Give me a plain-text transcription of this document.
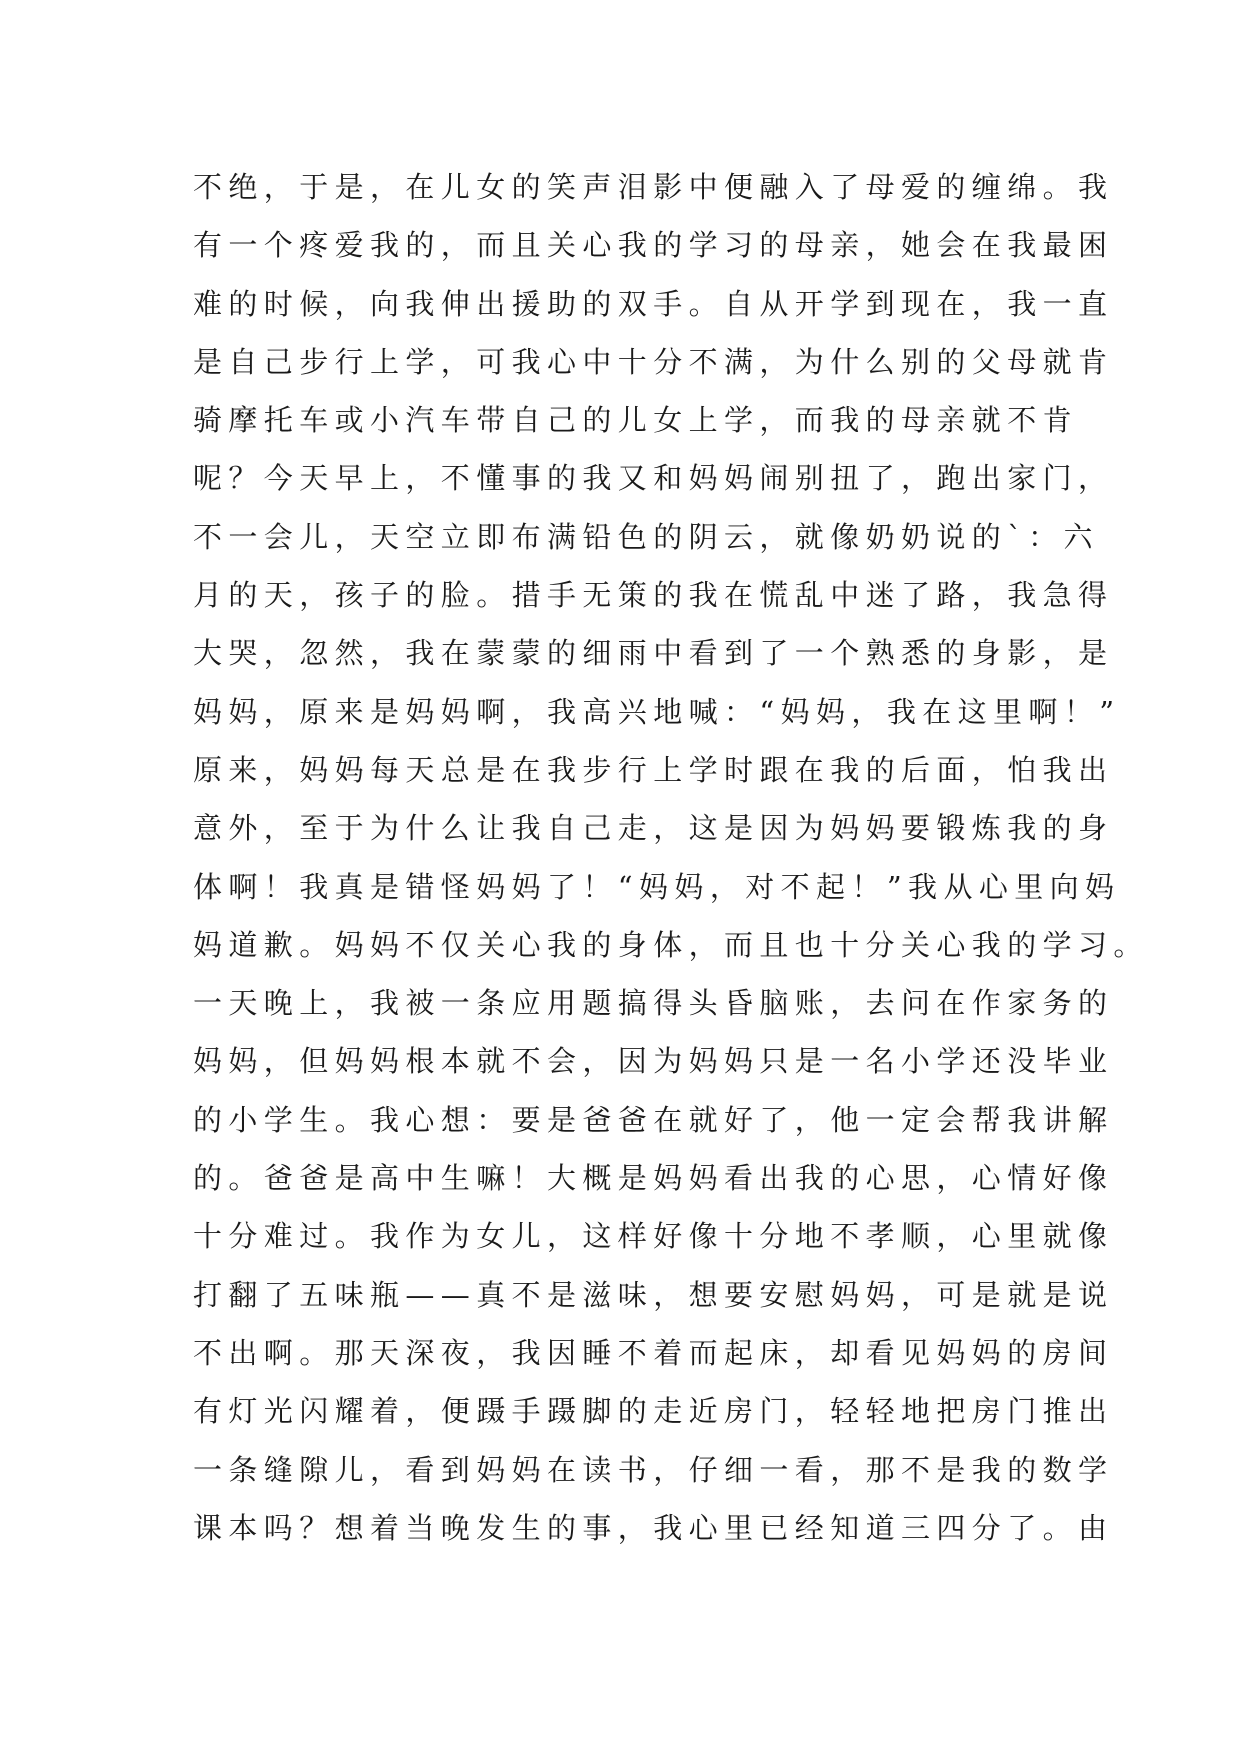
不绝，于是，在儿女的笑声泪影中便融入了母爱的缠绵。我
有一个疼爱我的，而且关心我的学习的母亲，她会在我最困
难的时候，向我伸出援助的双手。自从开学到现在，我一直
是自己步行上学，可我心中十分不满，为什么别的父母就肯
骑摩托车或小汽车带自己的儿女上学，而我的母亲就不肯
呢？今天早上，不懂事的我又和妈妈闹别扭了，跑出家门，
不一会儿，天空立即布满铅色的阴云，就像奶奶说的`：六
月的天，孩子的脸。措手无策的我在慌乱中迷了路，我急得
大哭，忽然，我在蒙蒙的细雨中看到了一个熟悉的身影，是
妈妈，原来是妈妈啊，我高兴地喊：“妈妈，我在这里啊！”
原来，妈妈每天总是在我步行上学时跟在我的后面，怕我出
意外，至于为什么让我自己走，这是因为妈妈要锻炼我的身
体啊！我真是错怪妈妈了！“妈妈，对不起！”我从心里向妈
妈道歉。妈妈不仅关心我的身体，而且也十分关心我的学习。
一天晚上，我被一条应用题搞得头昏脑账，去问在作家务的
妈妈，但妈妈根本就不会，因为妈妈只是一名小学还没毕业
的小学生。我心想：要是爸爸在就好了，他一定会帮我讲解
的。爸爸是高中生嘛！大概是妈妈看出我的心思，心情好像
十分难过。我作为女儿，这样好像十分地不孝顺，心里就像
打翻了五味瓶——真不是滋味，想要安慰妈妈，可是就是说
不出啊。那天深夜，我因睡不着而起床，却看见妈妈的房间
有灯光闪耀着，便蹑手蹑脚的走近房门，轻轻地把房门推出
一条缝隙儿，看到妈妈在读书，仔细一看，那不是我的数学
课本吗？想着当晚发生的事，我心里已经知道三四分了。由
